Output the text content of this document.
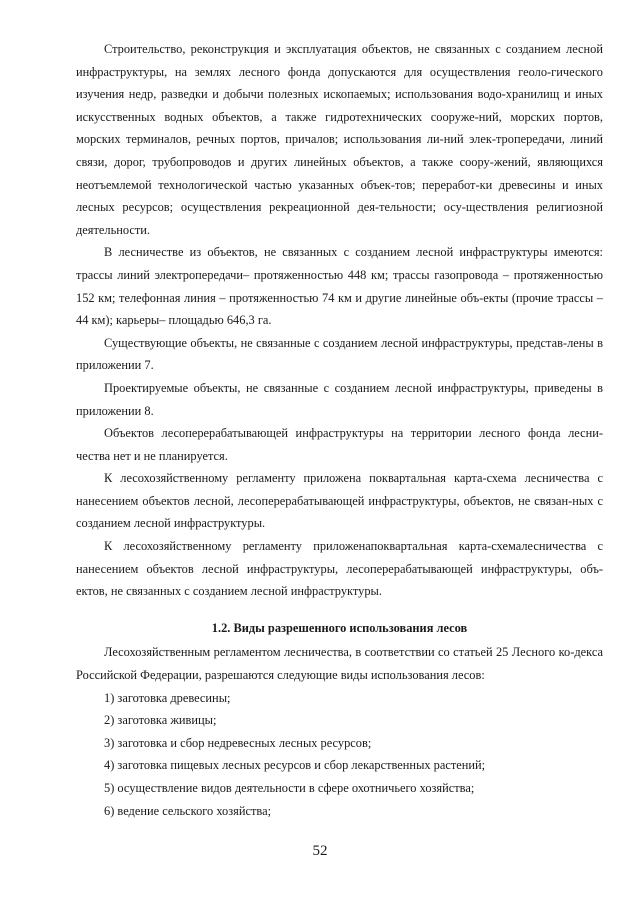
Строительство, реконструкция и эксплуатация объектов, не связанных с созданием лесной инфраструктуры, на землях лесного фонда допускаются для осуществления геоло-гического изучения недр, разведки и добычи полезных ископаемых; использования водо-хранилищ и иных искусственных водных объектов, а также гидротехнических сооруже-ний, морских портов, морских терминалов, речных портов, причалов; использования ли-ний элек-тропередачи, линий связи, дорог, трубопроводов и других линейных объектов, а также соору-жений, являющихся неотъемлемой технологической частью указанных объек-тов; переработ-ки древесины и иных лесных ресурсов; осуществления рекреационной дея-тельности; осу-ществления религиозной деятельности.

В лесничестве из объектов, не связанных с созданием лесной инфраструктуры имеются: трассы линий электропередачи– протяженностью 448 км; трассы газопровода – протяженностью 152 км; телефонная линия – протяженностью 74 км и другие линейные объ-екты (прочие трассы – 44 км); карьеры– площадью 646,3 га.

Существующие объекты, не связанные с созданием лесной инфраструктуры, представ-лены в приложении 7.

Проектируемые объекты, не связанные с созданием лесной инфраструктуры, приведены в приложении 8.

Объектов лесоперерабатывающей инфраструктуры на территории лесного фонда лесни-чества нет и не планируется.

К лесохозяйственному регламенту приложена поквартальная карта-схема лесничества с нанесением объектов лесной, лесоперерабатывающей инфраструктуры, объектов, не связан-ных с созданием лесной инфраструктуры.

К лесохозяйственному регламенту приложенапоквартальная карта-схемалесничества с нанесением объектов лесной инфраструктуры, лесоперерабатывающей инфраструктуры, объ-ектов, не связанных с созданием лесной инфраструктуры.

1.2. Виды разрешенного использования лесов

Лесохозяйственным регламентом лесничества, в соответствии со статьей 25 Лесного ко-декса Российской Федерации, разрешаются следующие виды использования лесов:

1) заготовка древесины;
2) заготовка живицы;
3) заготовка и сбор недревесных лесных ресурсов;
4) заготовка пищевых лесных ресурсов и сбор лекарственных растений;
5) осуществление видов деятельности в сфере охотничьего хозяйства;
6) ведение сельского хозяйства;
52
